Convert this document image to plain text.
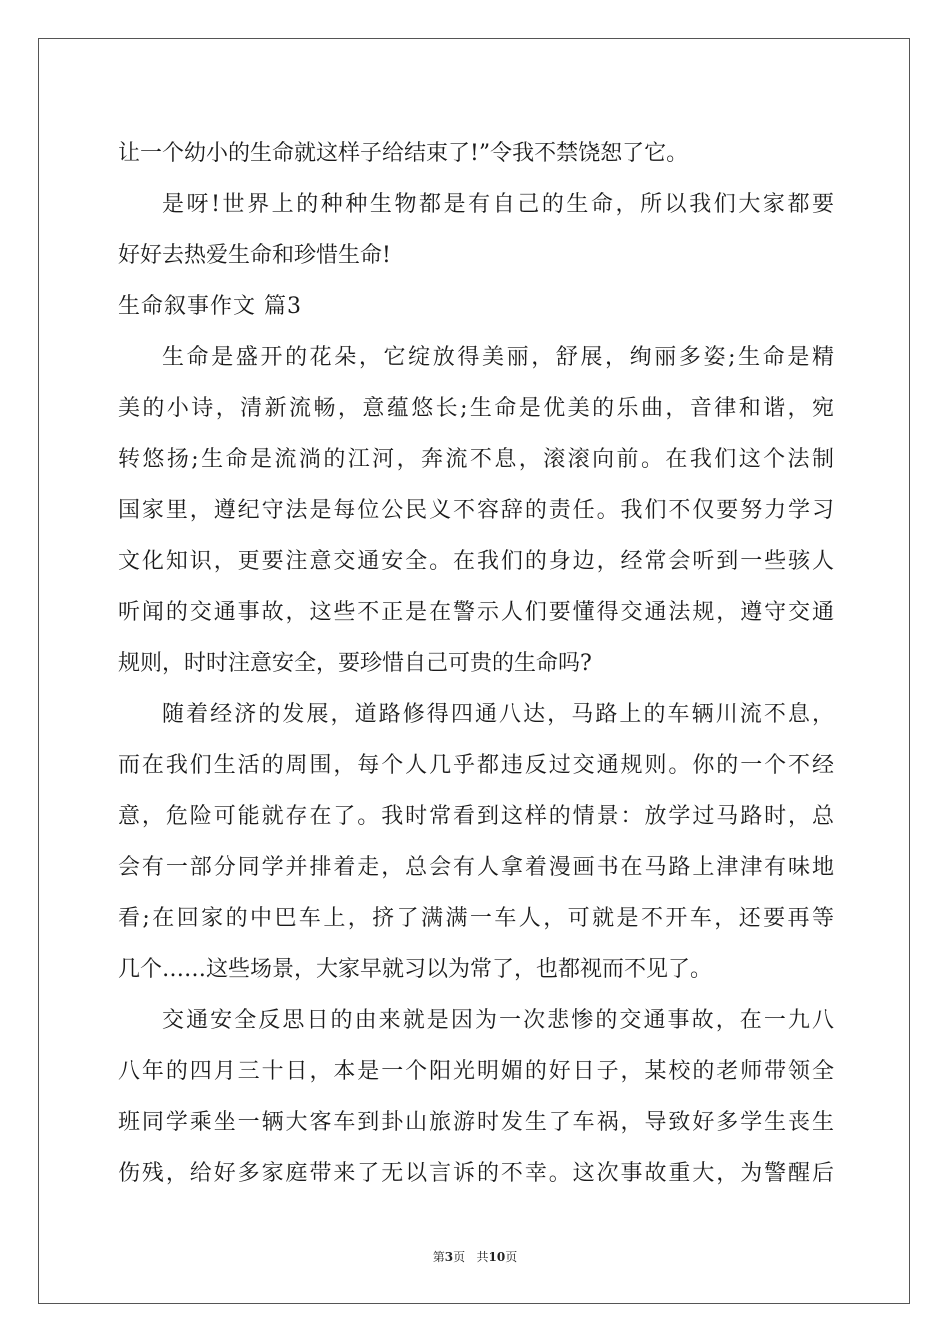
让一个幼小的生命就这样子给结束了!”令我不禁饶恕了它。
是呀!世界上的种种生物都是有自己的生命，所以我们大家都要
好好去热爱生命和珍惜生命!
生命叙事作文 篇3
生命是盛开的花朵，它绽放得美丽，舒展，绚丽多姿;生命是精
美的小诗，清新流畅，意蕴悠长;生命是优美的乐曲，音律和谐，宛
转悠扬;生命是流淌的江河，奔流不息，滚滚向前。在我们这个法制
国家里，遵纪守法是每位公民义不容辞的责任。我们不仅要努力学习
文化知识，更要注意交通安全。在我们的身边，经常会听到一些骇人
听闻的交通事故，这些不正是在警示人们要懂得交通法规，遵守交通
规则，时时注意安全，要珍惜自己可贵的生命吗?
随着经济的发展，道路修得四通八达，马路上的车辆川流不息，
而在我们生活的周围，每个人几乎都违反过交通规则。你的一个不经
意，危险可能就存在了。我时常看到这样的情景：放学过马路时，总
会有一部分同学并排着走，总会有人拿着漫画书在马路上津津有味地
看;在回家的中巴车上，挤了满满一车人，可就是不开车，还要再等
几个……这些场景，大家早就习以为常了，也都视而不见了。
交通安全反思日的由来就是因为一次悲惨的交通事故，在一九八
八年的四月三十日，本是一个阳光明媚的好日子，某校的老师带领全
班同学乘坐一辆大客车到卦山旅游时发生了车祸，导致好多学生丧生
伤残，给好多家庭带来了无以言诉的不幸。这次事故重大，为警醒后
第3页   共10页
